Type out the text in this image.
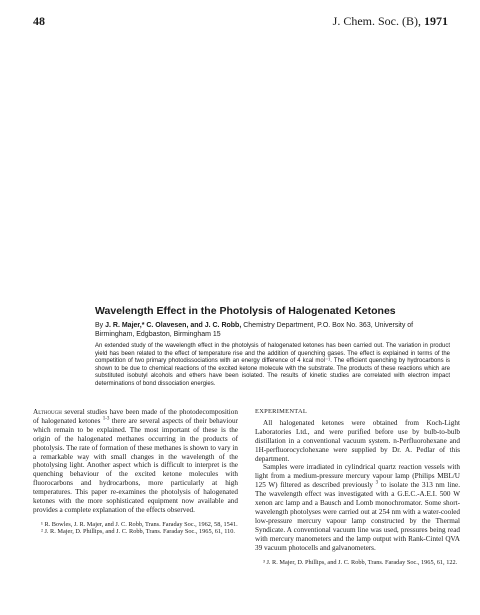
48	J. Chem. Soc. (B), 1971
Wavelength Effect in the Photolysis of Halogenated Ketones
By J. R. Majer,* C. Olavesen, and J. C. Robb, Chemistry Department, P.O. Box No. 363, University of Birmingham, Edgbaston, Birmingham 15
An extended study of the wavelength effect in the photolysis of halogenated ketones has been carried out. The variation in product yield has been related to the effect of temperature rise and the addition of quenching gases. The effect is explained in terms of the competition of two primary photodissociations with an energy difference of 4 kcal mol⁻¹. The efficient quenching by hydrocarbons is shown to be due to chemical reactions of the excited ketone molecule with the substrate. The products of these reactions which are substituted isobutyl alcohols and ethers have been isolated. The results of kinetic studies are correlated with electron impact determinations of bond dissociation energies.

Although several studies have been made of the photodecomposition of halogenated ketones $^{1-3}$ there are several aspects of their behaviour which remain to be explained. The most important of these is the origin of the halogenated methanes occurring in the products of photolysis. The rate of formation of these methanes is shown to vary in a remarkable way with small changes in the wavelength of the photolysing light. Another aspect which is difficult to interpret is the quenching behaviour of the excited ketone molecules with fluorocarbons and hydrocarbons, more particularly at high temperatures. This paper re-examines the photolysis of halogenated ketones with the more sophisticated equipment now available and provides a complete explanation of the effects observed.

¹ R. Bowles, J. R. Majer, and J. C. Robb, Trans. Faraday Soc., 1962, 58, 1541.

² J. R. Majer, D. Phillips, and J. C. Robb, Trans. Faraday Soc., 1965, 61, 110.

EXPERIMENTAL

All halogenated ketones were obtained from Koch-Light Laboratories Ltd., and were purified before use by bulb-to-bulb distillation in a conventional vacuum system. n-Perfluorohexane and 1H-perfluorocyclohexane were supplied by Dr. A. Pedlar of this department.

Samples were irradiated in cylindrical quartz reaction vessels with light from a medium-pressure mercury vapour lamp (Philips MBL/U 125 W) filtered as described previously $^3$ to isolate the 313 nm line. The wavelength effect was investigated with a G.E.C.-A.E.I. 500 W xenon arc lamp and a Bausch and Lomb monochromator. Some short-wavelength photolyses were carried out at 254 nm with a water-cooled low-pressure mercury vapour lamp constructed by the Thermal Syndicate. A conventional vacuum line was used, pressures being read with mercury manometers and the lamp output with Rank-Cintel QVA 39 vacuum photocells and galvanometers.

³ J. R. Majer, D. Phillips, and J. C. Robb, Trans. Faraday Soc., 1965, 61, 122.
